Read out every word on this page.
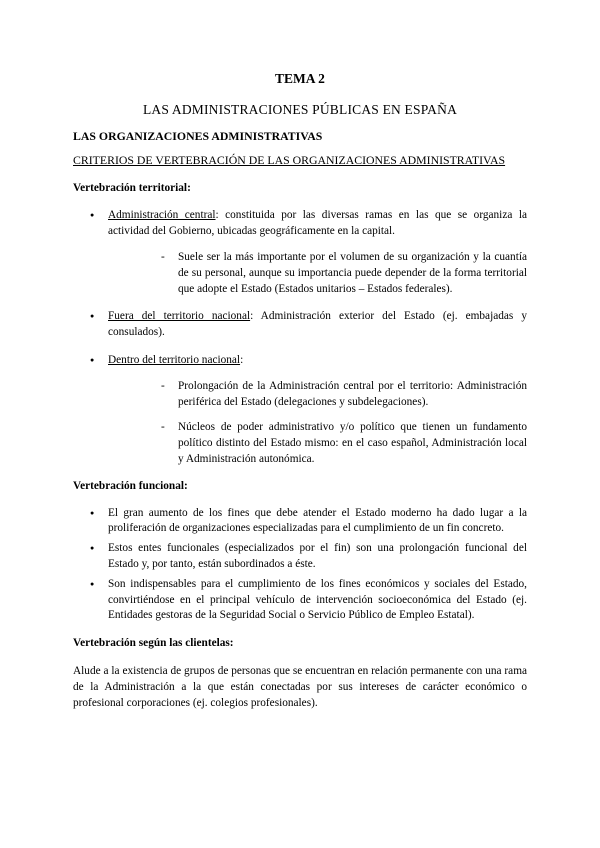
TEMA 2
LAS ADMINISTRACIONES PÚBLICAS EN ESPAÑA
LAS ORGANIZACIONES ADMINISTRATIVAS
CRITERIOS DE VERTEBRACIÓN DE LAS ORGANIZACIONES ADMINISTRATIVAS
Vertebración territorial:
● Administración central: constituida por las diversas ramas en las que se organiza la actividad del Gobierno, ubicadas geográficamente en la capital.
- Suele ser la más importante por el volumen de su organización y la cuantía de su personal, aunque su importancia puede depender de la forma territorial que adopte el Estado (Estados unitarios – Estados federales).
● Fuera del territorio nacional: Administración exterior del Estado (ej. embajadas y consulados).
● Dentro del territorio nacional:
- Prolongación de la Administración central por el territorio: Administración periférica del Estado (delegaciones y subdelegaciones).
- Núcleos de poder administrativo y/o político que tienen un fundamento político distinto del Estado mismo: en el caso español, Administración local y Administración autonómica.
Vertebración funcional:
● El gran aumento de los fines que debe atender el Estado moderno ha dado lugar a la proliferación de organizaciones especializadas para el cumplimiento de un fin concreto.
● Estos entes funcionales (especializados por el fin) son una prolongación funcional del Estado y, por tanto, están subordinados a éste.
● Son indispensables para el cumplimiento de los fines económicos y sociales del Estado, convirtiéndose en el principal vehículo de intervención socioeconómica del Estado (ej. Entidades gestoras de la Seguridad Social o Servicio Público de Empleo Estatal).
Vertebración según las clientelas:

Alude a la existencia de grupos de personas que se encuentran en relación permanente con una rama de la Administración a la que están conectadas por sus intereses de carácter económico o profesional corporaciones (ej. colegios profesionales).
